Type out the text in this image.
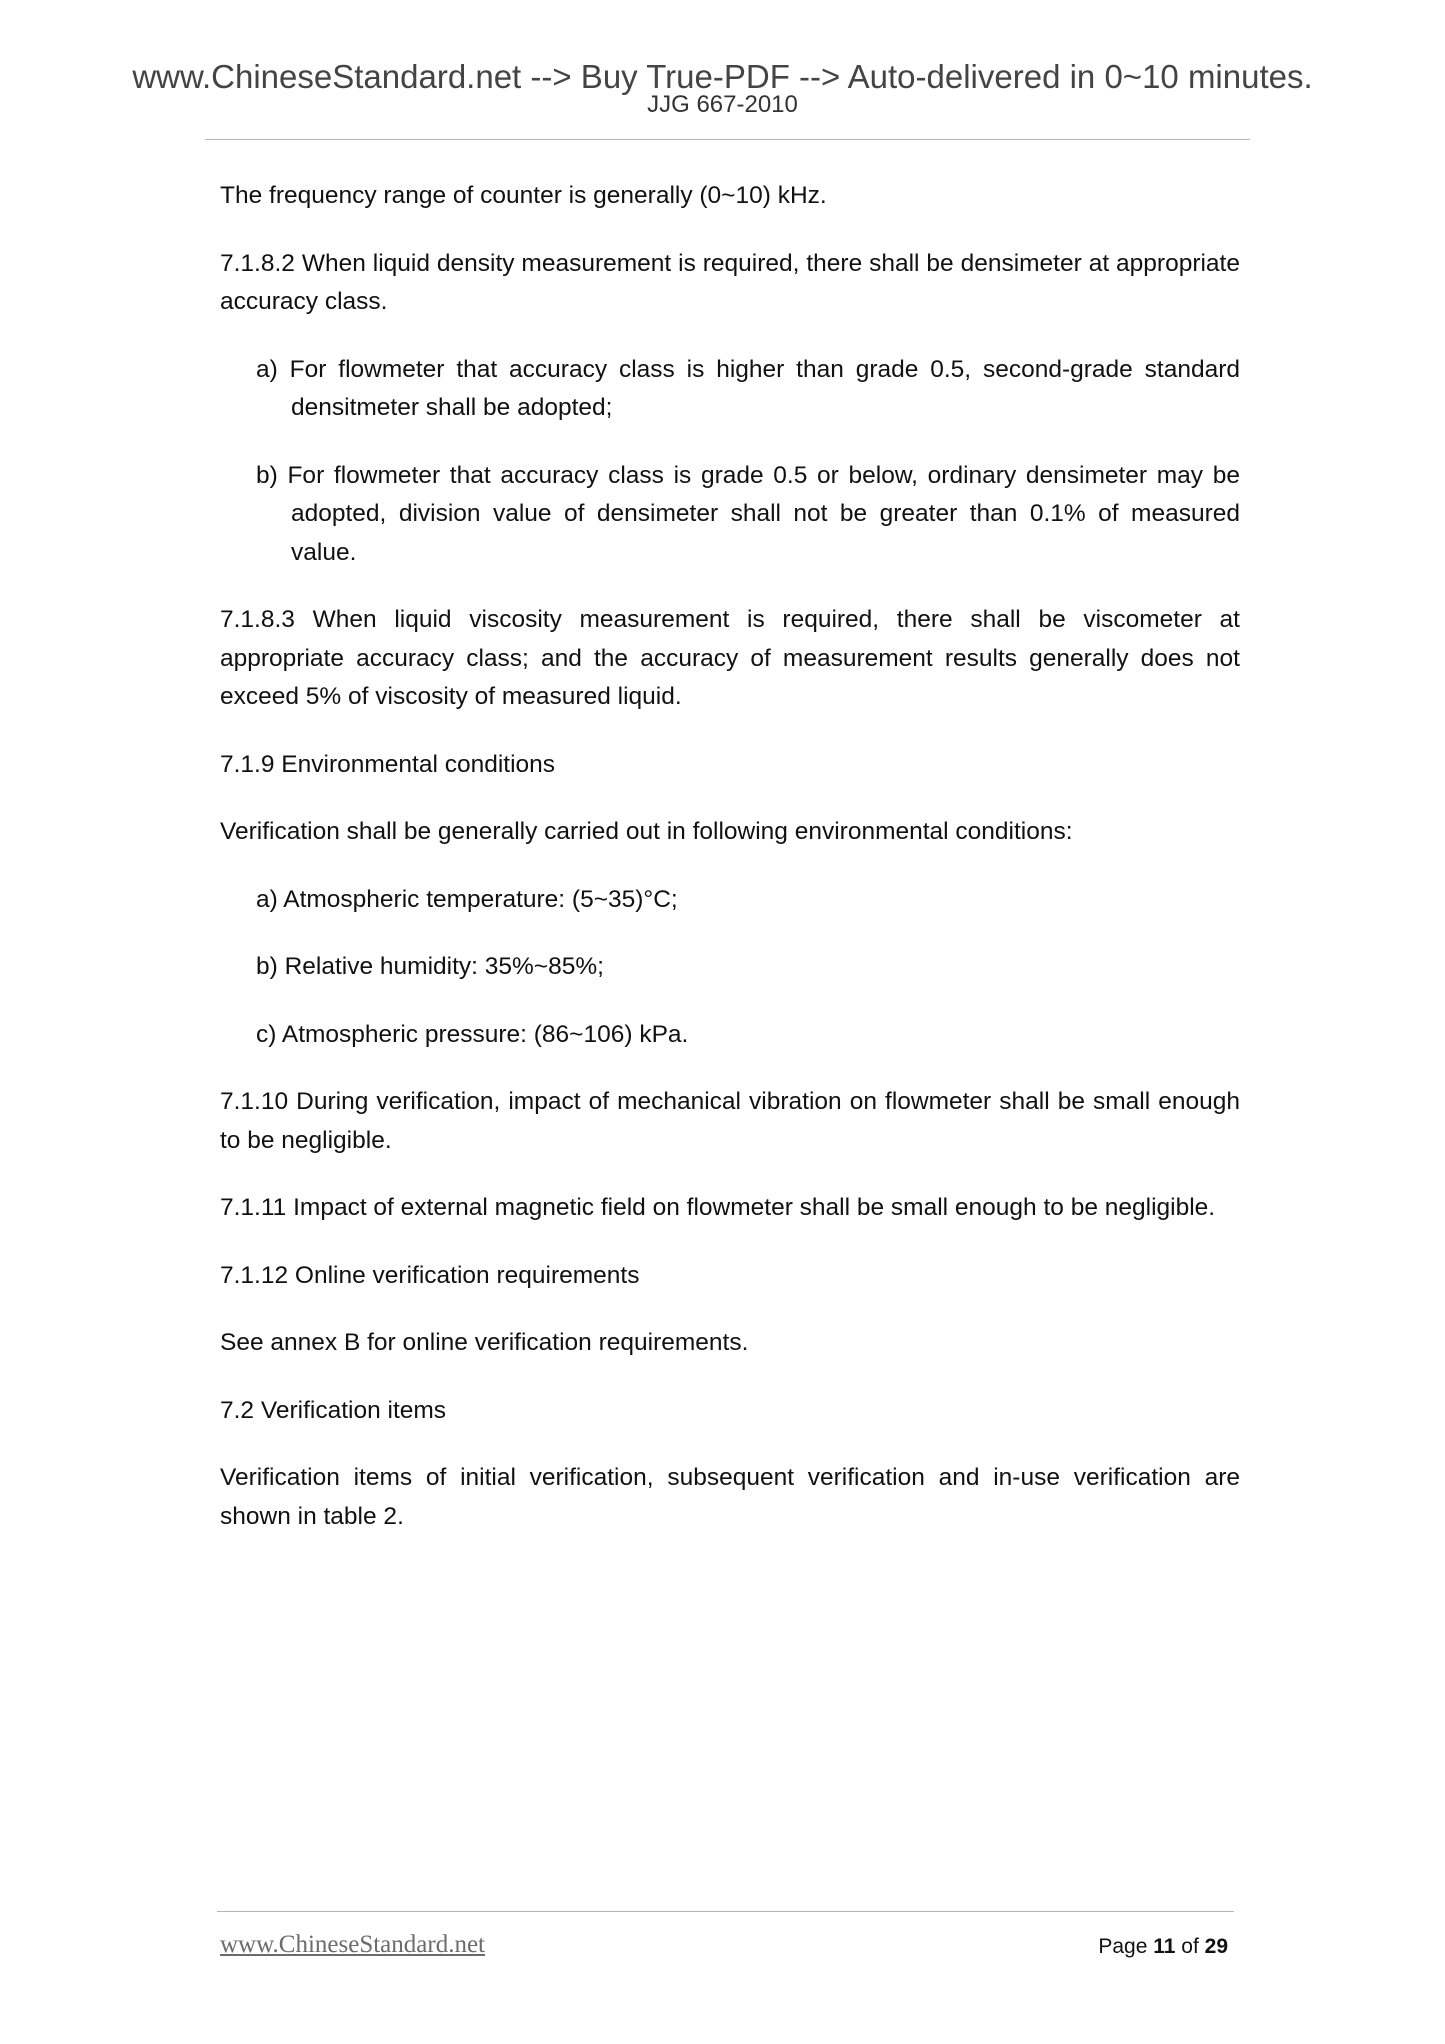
www.ChineseStandard.net --> Buy True-PDF --> Auto-delivered in 0~10 minutes.
JJG 667-2010

The frequency range of counter is generally (0~10) kHz.

7.1.8.2 When liquid density measurement is required, there shall be densimeter at appropriate accuracy class.

a) For flowmeter that accuracy class is higher than grade 0.5, second-grade standard densitmeter shall be adopted;

b) For flowmeter that accuracy class is grade 0.5 or below, ordinary densimeter may be adopted, division value of densimeter shall not be greater than 0.1% of measured value.

7.1.8.3 When liquid viscosity measurement is required, there shall be viscometer at appropriate accuracy class; and the accuracy of measurement results generally does not exceed 5% of viscosity of measured liquid.

7.1.9 Environmental conditions

Verification shall be generally carried out in following environmental conditions:

a) Atmospheric temperature: (5~35)°C;

b) Relative humidity: 35%~85%;

c) Atmospheric pressure: (86~106) kPa.

7.1.10 During verification, impact of mechanical vibration on flowmeter shall be small enough to be negligible.

7.1.11 Impact of external magnetic field on flowmeter shall be small enough to be negligible.

7.1.12 Online verification requirements

See annex B for online verification requirements.

7.2 Verification items

Verification items of initial verification, subsequent verification and in-use verification are shown in table 2.

www.ChineseStandard.net	Page 11 of 29
